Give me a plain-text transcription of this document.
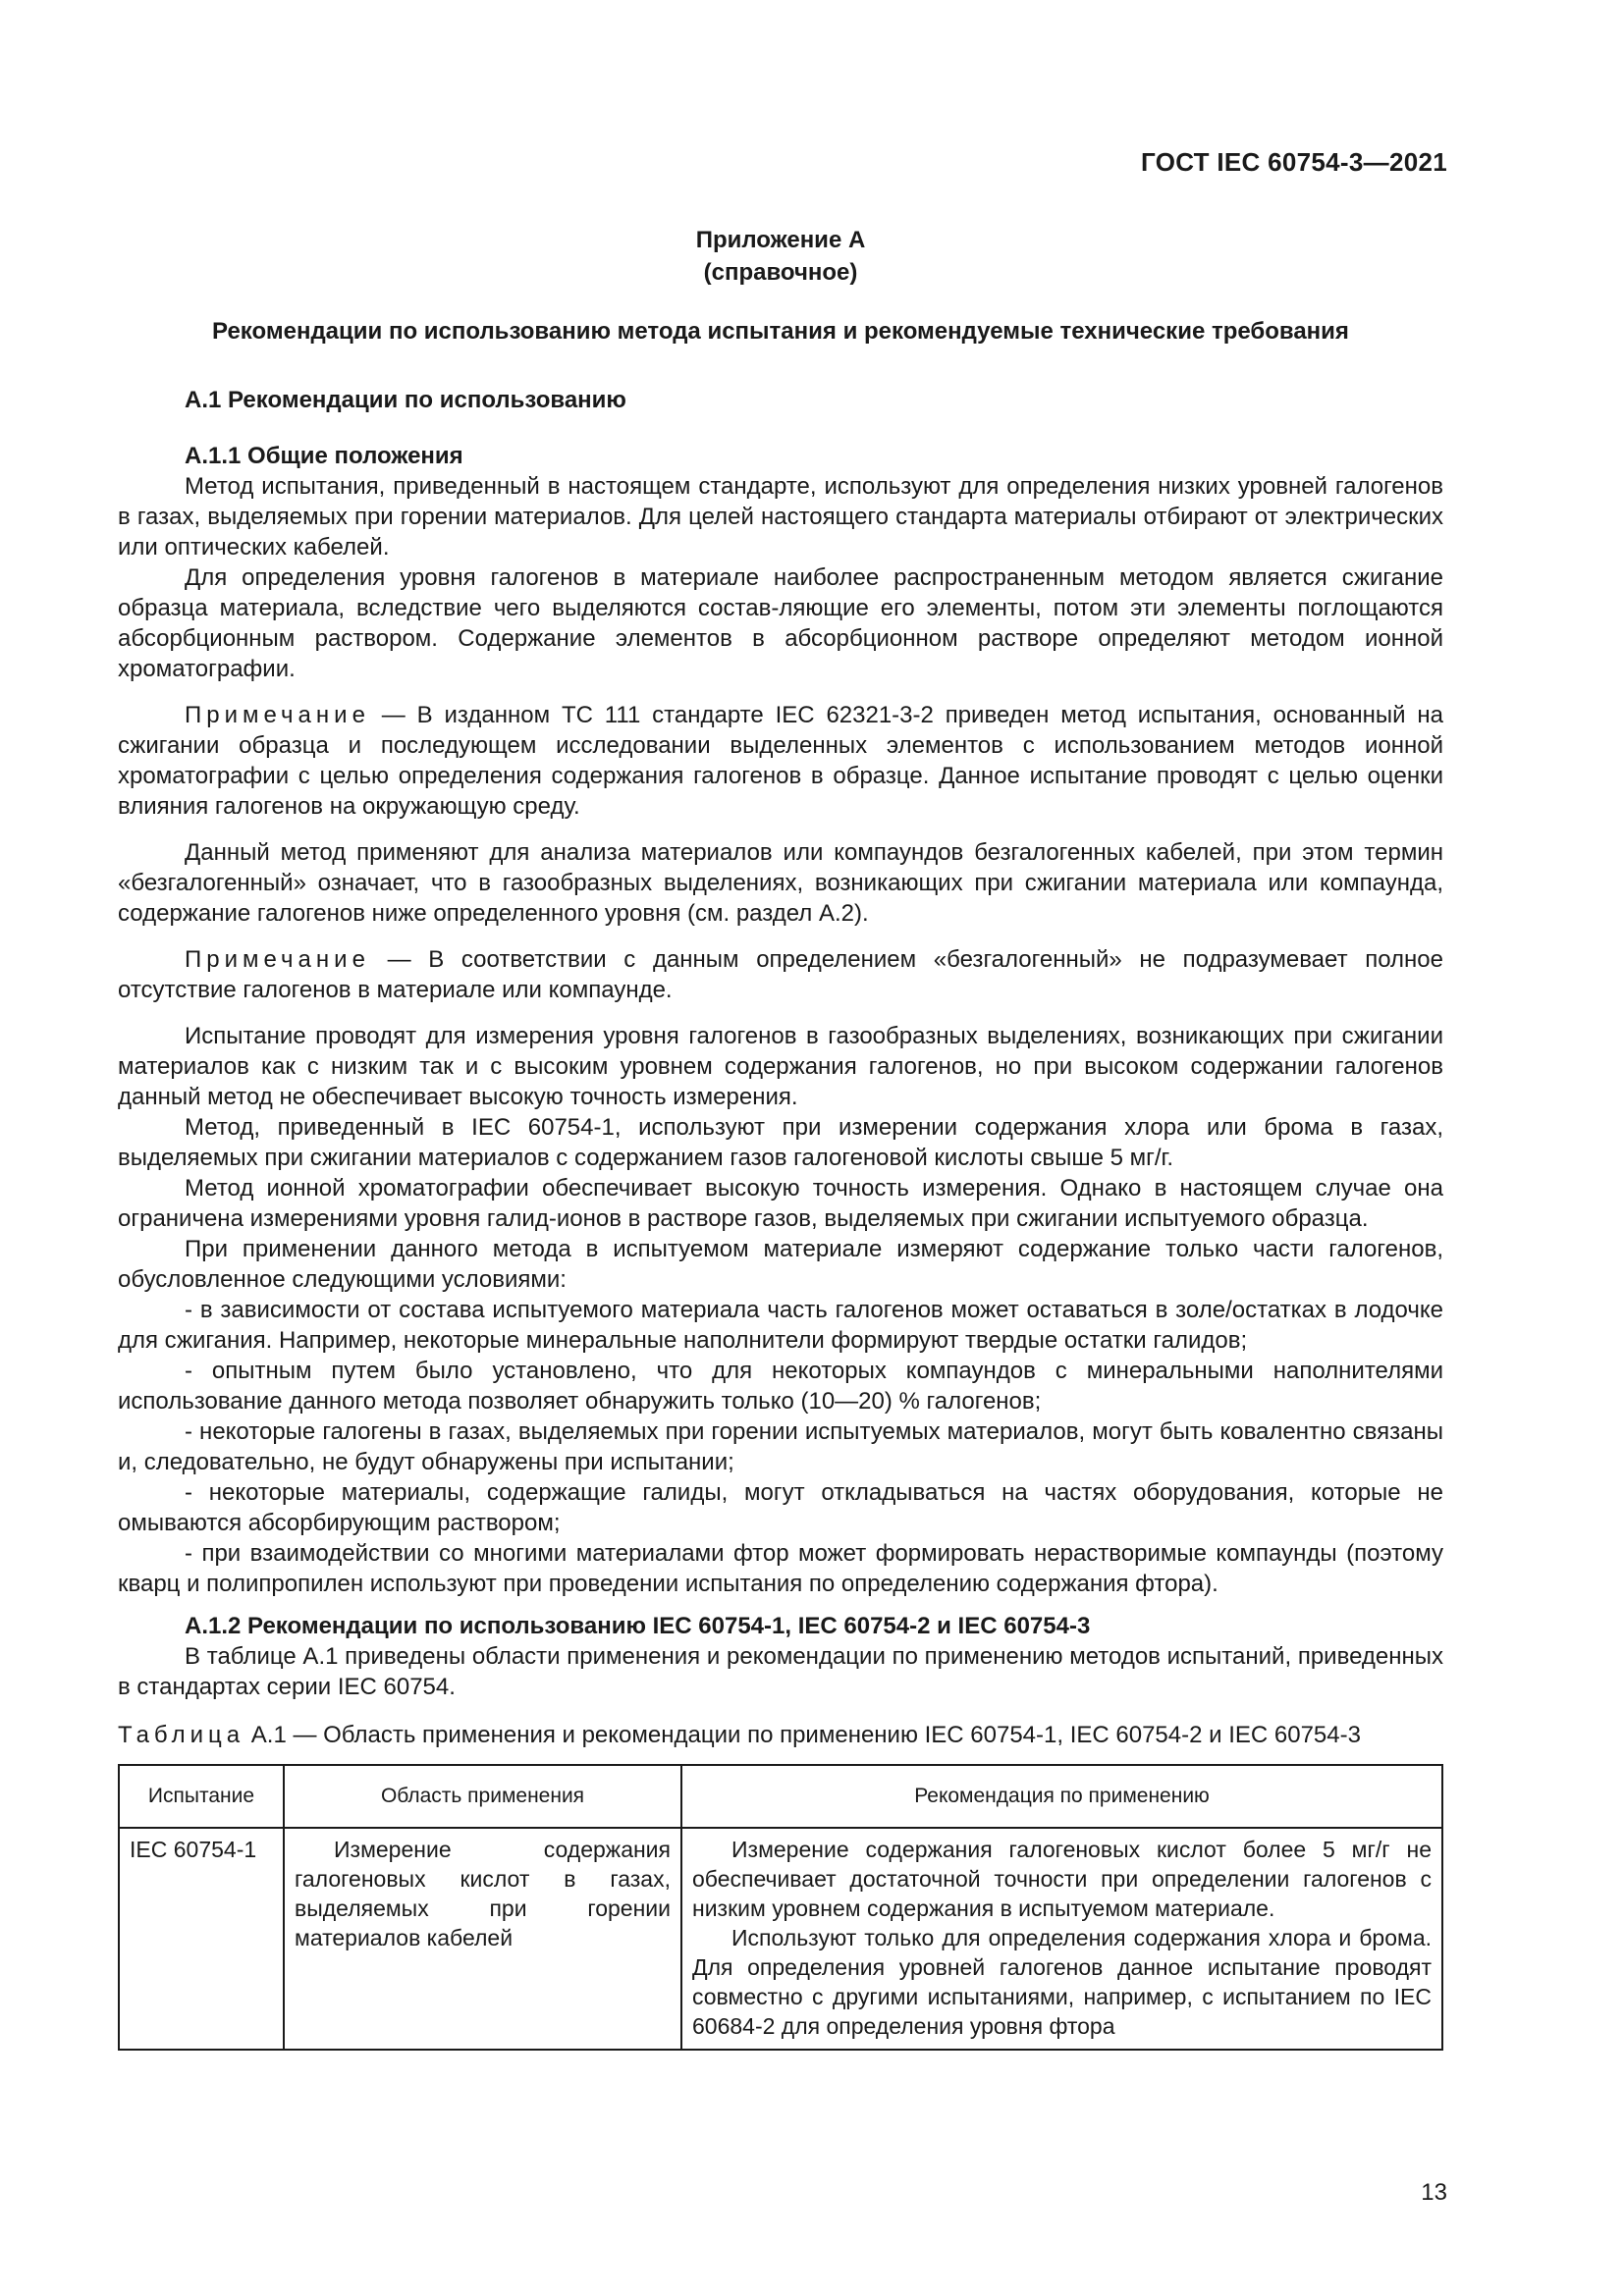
ГОСТ IEC 60754-3—2021

Приложение А

(справочное)

Рекомендации по использованию метода испытания и рекомендуемые технические требования

А.1 Рекомендации по использованию

А.1.1 Общие положения

Метод испытания, приведенный в настоящем стандарте, используют для определения низких уровней галогенов в газах, выделяемых при горении материалов. Для целей настоящего стандарта материалы отбирают от электрических или оптических кабелей.

Для определения уровня галогенов в материале наиболее распространенным методом является сжигание образца материала, вследствие чего выделяются состав-ляющие его элементы, потом эти элементы поглощаются абсорбционным раствором. Содержание элементов в абсорбционном растворе определяют методом ионной хроматографии.

Примечание — В изданном ТС 111 стандарте IEC 62321-3-2 приведен метод испытания, основанный на сжигании образца и последующем исследовании выделенных элементов с использованием методов ионной хроматографии с целью определения содержания галогенов в образце. Данное испытание проводят с целью оценки влияния галогенов на окружающую среду.

Данный метод применяют для анализа материалов или компаундов безгалогенных кабелей, при этом термин «безгалогенный» означает, что в газообразных выделениях, возникающих при сжигании материала или компаунда, содержание галогенов ниже определенного уровня (см. раздел А.2).

Примечание — В соответствии с данным определением «безгалогенный» не подразумевает полное отсутствие галогенов в материале или компаунде.

Испытание проводят для измерения уровня галогенов в газообразных выделениях, возникающих при сжигании материалов как с низким так и с высоким уровнем содержания галогенов, но при высоком содержании галогенов данный метод не обеспечивает высокую точность измерения.

Метод, приведенный в IEC 60754-1, используют при измерении содержания хлора или брома в газах, выделяемых при сжигании материалов с содержанием газов галогеновой кислоты свыше 5 мг/г.

Метод ионной хроматографии обеспечивает высокую точность измерения. Однако в настоящем случае она ограничена измерениями уровня галид-ионов в растворе газов, выделяемых при сжигании испытуемого образца.

При применении данного метода в испытуемом материале измеряют содержание только части галогенов, обусловленное следующими условиями:

- в зависимости от состава испытуемого материала часть галогенов может оставаться в золе/остатках в лодочке для сжигания. Например, некоторые минеральные наполнители формируют твердые остатки галидов;

- опытным путем было установлено, что для некоторых компаундов с минеральными наполнителями использование данного метода позволяет обнаружить только (10—20) % галогенов;

- некоторые галогены в газах, выделяемых при горении испытуемых материалов, могут быть ковалентно связаны и, следовательно, не будут обнаружены при испытании;

- некоторые материалы, содержащие галиды, могут откладываться на частях оборудования, которые не омываются абсорбирующим раствором;

- при взаимодействии со многими материалами фтор может формировать нерастворимые компаунды (поэтому кварц и полипропилен используют при проведении испытания по определению содержания фтора).

А.1.2 Рекомендации по использованию IEC 60754-1, IEC 60754-2 и IEC 60754-3

В таблице А.1 приведены области применения и рекомендации по применению методов испытаний, приведенных в стандартах серии IEC 60754.

Таблица А.1 — Область применения и рекомендации по применению IEC 60754-1, IEC 60754-2 и IEC 60754-3

Испытание	Область применения	Рекомендация по применению
IEC 60754-1	Измерение содержания галогеновых кислот в газах, выделяемых при горении материалов кабелей	Измерение содержания галогеновых кислот более 5 мг/г не обеспечивает достаточной точности при определении галогенов с низким уровнем содержания в испытуемом материале.

Используют только для определения содержания хлора и брома. Для определения уровней галогенов данное испытание проводят совместно с другими испытаниями, например, с испытанием по IEC 60684-2 для определения уровня фтора

13
